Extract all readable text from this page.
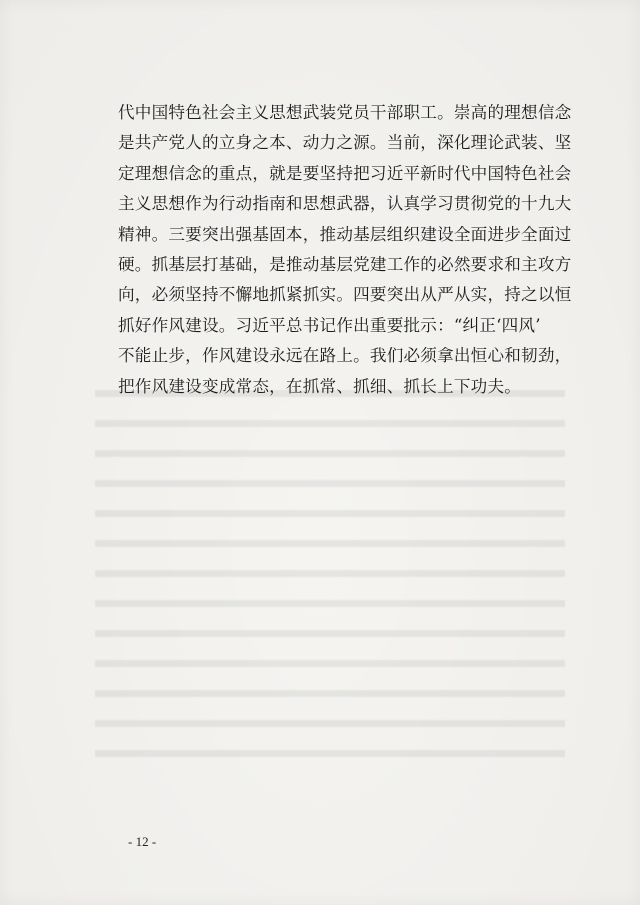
代中国特色社会主义思想武装党员干部职工。崇高的理想信念
是共产党人的立身之本、动力之源。当前，深化理论武装、坚
定理想信念的重点，就是要坚持把习近平新时代中国特色社会
主义思想作为行动指南和思想武器，认真学习贯彻党的十九大
精神。三要突出强基固本，推动基层组织建设全面进步全面过
硬。抓基层打基础，是推动基层党建工作的必然要求和主攻方
向，必须坚持不懈地抓紧抓实。四要突出从严从实，持之以恒
抓好作风建设。习近平总书记作出重要批示：“纠正‘四风’
不能止步，作风建设永远在路上。我们必须拿出恒心和韧劲，
把作风建设变成常态，在抓常、抓细、抓长上下功夫。
- 12 -
